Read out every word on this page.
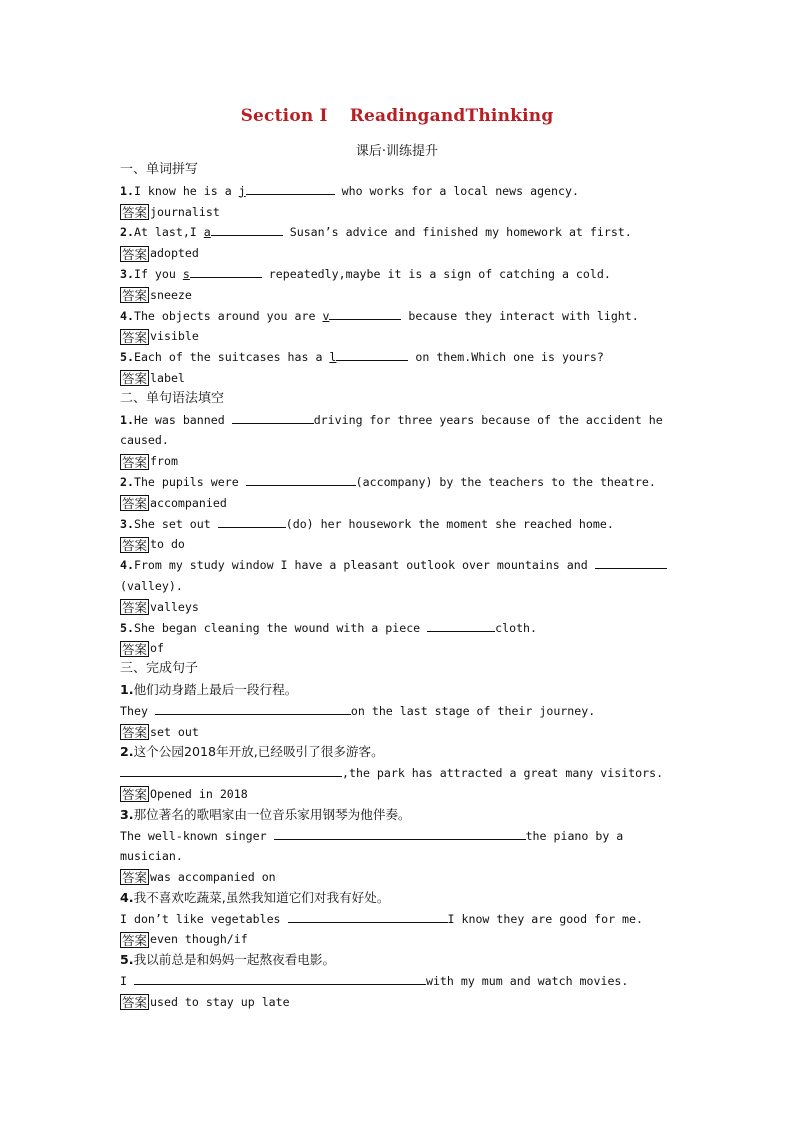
Section Ⅰ ReadingandThinking
课后·训练提升
一、单词拼写
1.I know he is a j	who works for a local news agency.
答案 journalist
2.At last,I a	Susan’s advice and finished my homework at first.
答案 adopted
3.If you s	repeatedly,maybe it is a sign of catching a cold.
答案 sneeze
4.The objects around you are v	because they interact with light.
答案 visible
5.Each of the suitcases has a l	on them.Which one is yours?
答案 label
二、单句语法填空
1.He was banned	driving for three years because of the accident he caused.
答案 from
2.The pupils were	(accompany) by the teachers to the theatre.
答案 accompanied
3.She set out	(do) her housework the moment she reached home.
答案 to do
4.From my study window I have a pleasant outlook over mountains and (valley).
答案 valleys
5.She began cleaning the wound with a piece	cloth.
答案 of
三、完成句子
1.他们动身踏上最后一段行程。
They	on the last stage of their journey.
答案 set out
2.这个公园2018年开放,已经吸引了很多游客。
,the park has attracted a great many visitors.
答案 Opened in 2018
3.那位著名的歌唱家由一位音乐家用钢琴为他伴奏。
The well-known singer	the piano by a musician.
答案 was accompanied on
4.我不喜欢吃蔬菜,虽然我知道它们对我有好处。
I don’t like vegetables	I know they are good for me.
答案 even though/if
5.我以前总是和妈妈一起熬夜看电影。
I	with my mum and watch movies.
答案 used to stay up late
